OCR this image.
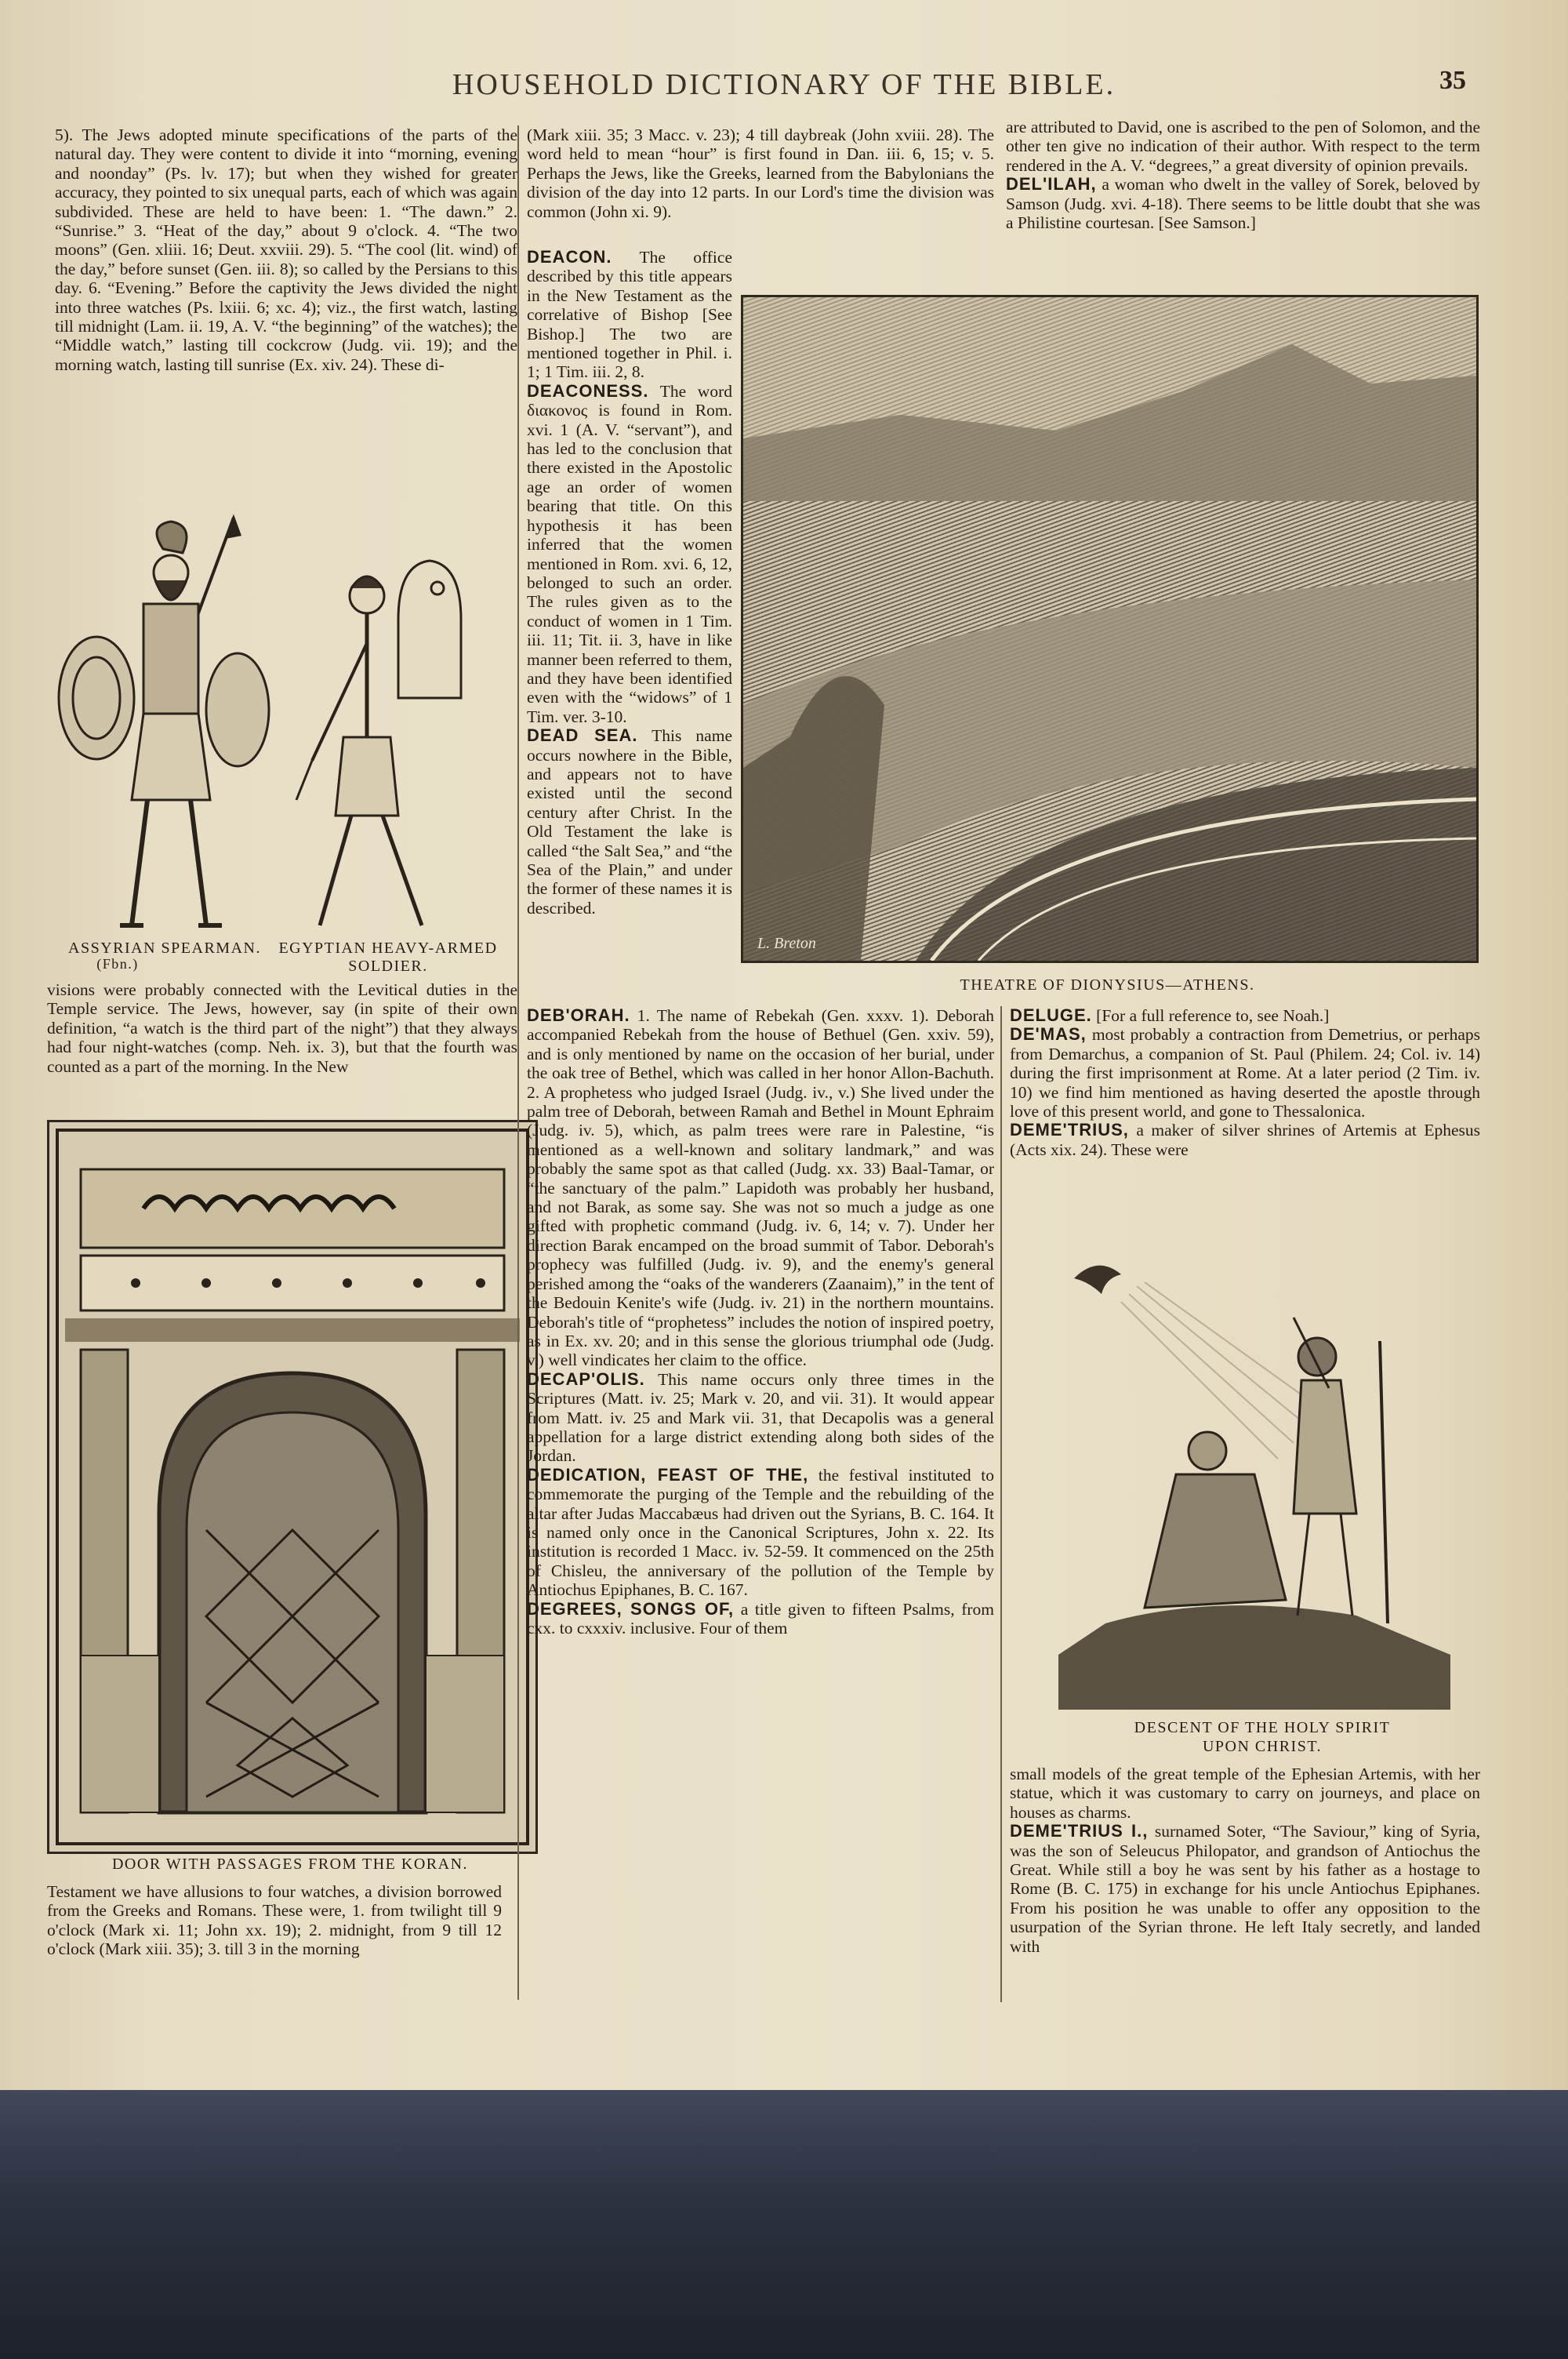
HOUSEHOLD DICTIONARY OF THE BIBLE.	35

5). The Jews adopted minute specifications of the parts of the natural day. They were content to divide it into “morning, evening and noonday” (Ps. lv. 17); but when they wished for greater accuracy, they pointed to six unequal parts, each of which was again subdivided. These are held to have been: 1. “The dawn.” 2. “Sunrise.” 3. “Heat of the day,” about 9 o'clock. 4. “The two moons” (Gen. xliii. 16; Deut. xxviii. 29). 5. “The cool (lit. wind) of the day,” before sunset (Gen. iii. 8); so called by the Persians to this day. 6. “Evening.” Before the captivity the Jews divided the night into three watches (Ps. lxiii. 6; xc. 4); viz., the first watch, lasting till midnight (Lam. ii. 19, A. V. “the beginning” of the watches); the “Middle watch,” lasting till cockcrow (Judg. vii. 19); and the morning watch, lasting till sunrise (Ex. xiv. 24). These di-

ASSYRIAN SPEARMAN.
(Fbn.)
EGYPTIAN HEAVY-ARMED SOLDIER.

visions were probably connected with the Levitical duties in the Temple service. The Jews, however, say (in spite of their own definition, “a watch is the third part of the night”) that they always had four night-watches (comp. Neh. ix. 3), but that the fourth was counted as a part of the morning. In the New

DOOR WITH PASSAGES FROM THE KORAN.

Testament we have allusions to four watches, a division borrowed from the Greeks and Romans. These were, 1. from twilight till 9 o'clock (Mark xi. 11; John xx. 19); 2. midnight, from 9 till 12 o'clock (Mark xiii. 35); 3. till 3 in the morning

(Mark xiii. 35; 3 Macc. v. 23); 4 till daybreak (John xviii. 28). The word held to mean “hour” is first found in Dan. iii. 6, 15; v. 5. Perhaps the Jews, like the Greeks, learned from the Babylonians the division of the day into 12 parts. In our Lord's time the division was common (John xi. 9).

DEACON. The office described by this title appears in the New Testament as the correlative of Bishop [See Bishop.] The two are mentioned together in Phil. i. 1; 1 Tim. iii. 2, 8.

DEACONESS. The word διακονος is found in Rom. xvi. 1 (A. V. “servant”), and has led to the conclusion that there existed in the Apostolic age an order of women bearing that title. On this hypothesis it has been inferred that the women mentioned in Rom. xvi. 6, 12, belonged to such an order. The rules given as to the conduct of women in 1 Tim. iii. 11; Tit. ii. 3, have in like manner been referred to them, and they have been identified even with the “widows” of 1 Tim. ver. 3-10.

DEAD SEA. This name occurs nowhere in the Bible, and appears not to have existed until the second century after Christ. In the Old Testament the lake is called “the Salt Sea,” and “the Sea of the Plain,” and under the former of these names it is described.

L. Breton
THEATRE OF DIONYSIUS—ATHENS.

DEB'ORAH. 1. The name of Rebekah (Gen. xxxv. 1). Deborah accompanied Rebekah from the house of Bethuel (Gen. xxiv. 59), and is only mentioned by name on the occasion of her burial, under the oak tree of Bethel, which was called in her honor Allon-Bachuth. 2. A prophetess who judged Israel (Judg. iv., v.) She lived under the palm tree of Deborah, between Ramah and Bethel in Mount Ephraim (Judg. iv. 5), which, as palm trees were rare in Palestine, “is mentioned as a well-known and solitary landmark,” and was probably the same spot as that called (Judg. xx. 33) Baal-Tamar, or “the sanctuary of the palm.” Lapidoth was probably her husband, and not Barak, as some say. She was not so much a judge as one gifted with prophetic command (Judg. iv. 6, 14; v. 7). Under her direction Barak encamped on the broad summit of Tabor. Deborah's prophecy was fulfilled (Judg. iv. 9), and the enemy's general perished among the “oaks of the wanderers (Zaanaim),” in the tent of the Bedouin Kenite's wife (Judg. iv. 21) in the northern mountains. Deborah's title of “prophetess” includes the notion of inspired poetry, as in Ex. xv. 20; and in this sense the glorious triumphal ode (Judg. v.) well vindicates her claim to the office.

DECAP'OLIS. This name occurs only three times in the Scriptures (Matt. iv. 25; Mark v. 20, and vii. 31). It would appear from Matt. iv. 25 and Mark vii. 31, that Decapolis was a general appellation for a large district extending along both sides of the Jordan.

DEDICATION, FEAST OF THE, the festival instituted to commemorate the purging of the Temple and the rebuilding of the altar after Judas Maccabæus had driven out the Syrians, B. C. 164. It is named only once in the Canonical Scriptures, John x. 22. Its institution is recorded 1 Macc. iv. 52-59. It commenced on the 25th of Chisleu, the anniversary of the pollution of the Temple by Antiochus Epiphanes, B. C. 167.

DEGREES, SONGS OF, a title given to fifteen Psalms, from cxx. to cxxxiv. inclusive. Four of them

are attributed to David, one is ascribed to the pen of Solomon, and the other ten give no indication of their author. With respect to the term rendered in the A. V. “degrees,” a great diversity of opinion prevails.

DEL'ILAH, a woman who dwelt in the valley of Sorek, beloved by Samson (Judg. xvi. 4-18). There seems to be little doubt that she was a Philistine courtesan. [See Samson.]

DELUGE. [For a full reference to, see Noah.]

DE'MAS, most probably a contraction from Demetrius, or perhaps from Demarchus, a companion of St. Paul (Philem. 24; Col. iv. 14) during the first imprisonment at Rome. At a later period (2 Tim. iv. 10) we find him mentioned as having deserted the apostle through love of this present world, and gone to Thessalonica.

DEME'TRIUS, a maker of silver shrines of Artemis at Ephesus (Acts xix. 24). These were

DESCENT OF THE HOLY SPIRIT
UPON CHRIST.

small models of the great temple of the Ephesian Artemis, with her statue, which it was customary to carry on journeys, and place on houses as charms.

DEME'TRIUS I., surnamed Soter, “The Saviour,” king of Syria, was the son of Seleucus Philopator, and grandson of Antiochus the Great. While still a boy he was sent by his father as a hostage to Rome (B. C. 175) in exchange for his uncle Antiochus Epiphanes. From his position he was unable to offer any opposition to the usurpation of the Syrian throne. He left Italy secretly, and landed with
